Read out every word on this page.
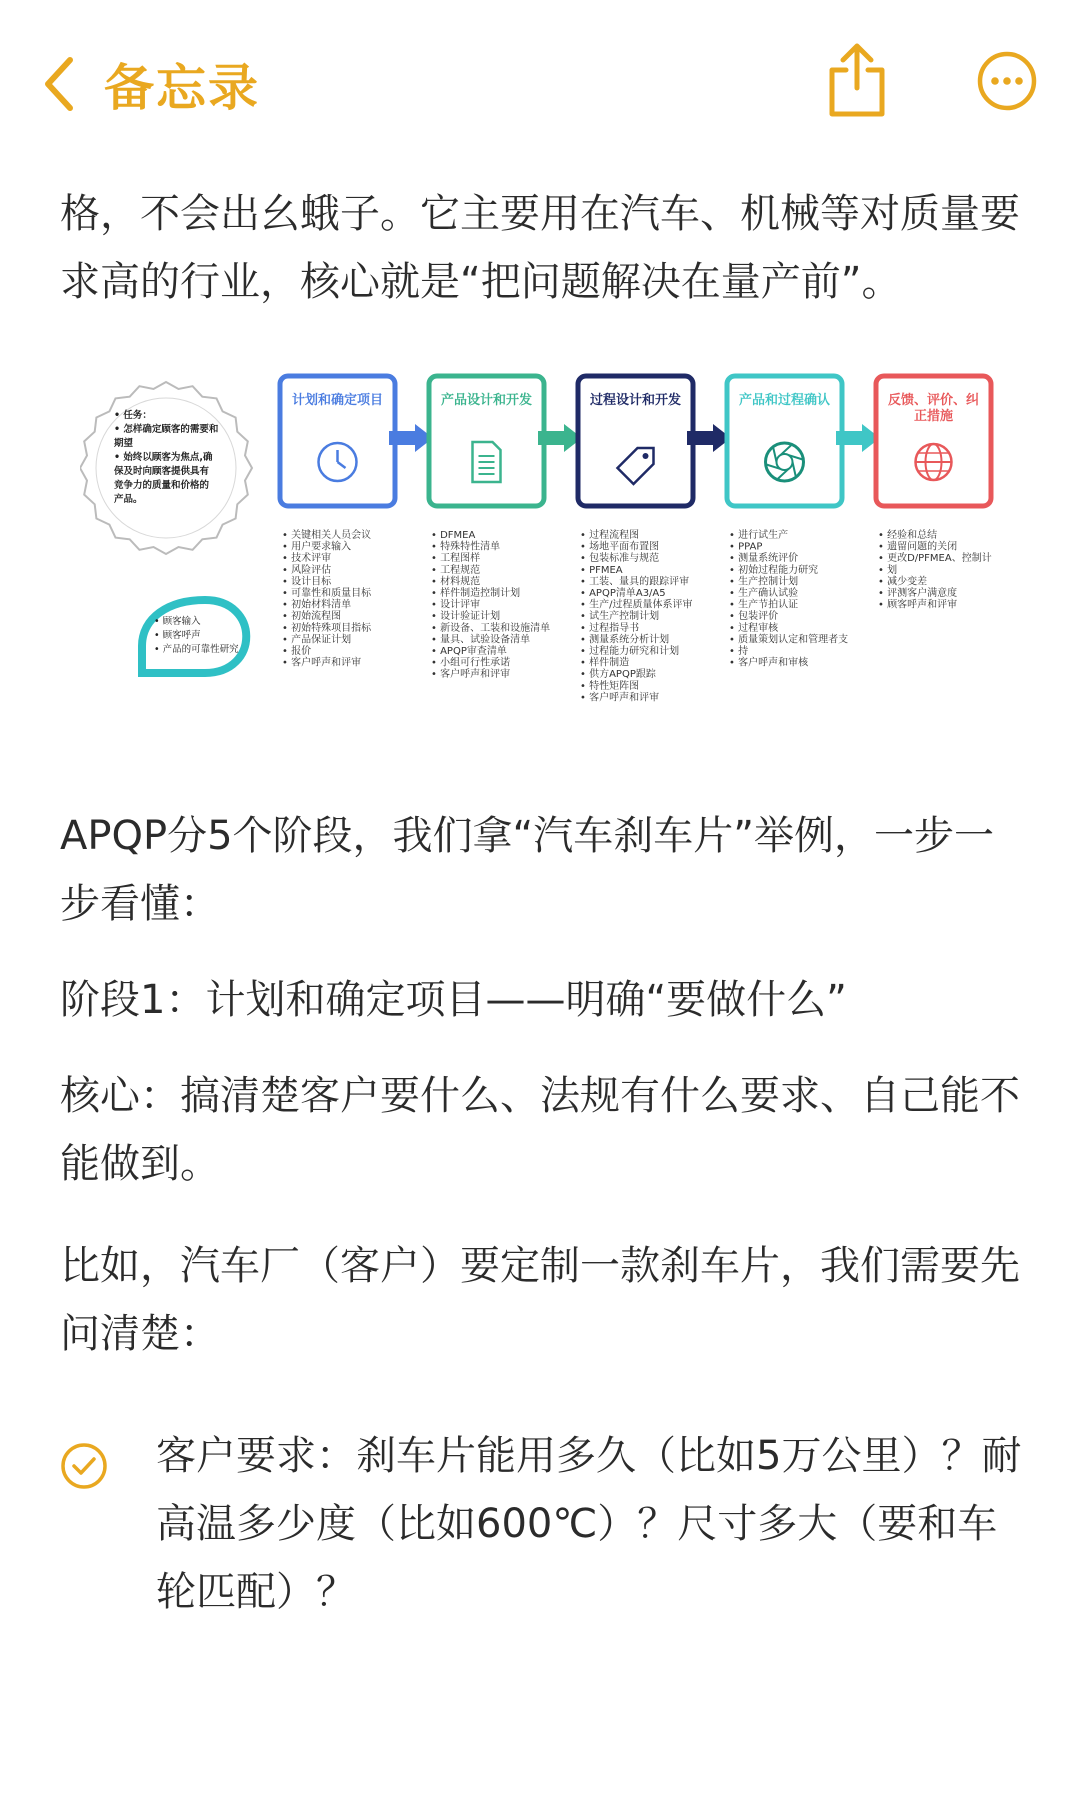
备忘录
格，不会出幺蛾子。它主要用在汽车、机械等对质量要求高的行业，核心就是“把问题解决在量产前”。
• 任务：
• 怎样确定顾客的需要和
期望
• 始终以顾客为焦点,确
保及时向顾客提供具有
竞争力的质量和价格的
产品。
• 顾客输入
• 顾客呼声
• 产品的可靠性研究
计划和确定项目
• 关键相关人员会议
• 用户要求输入
• 技术评审
• 风险评估
• 设计目标
• 可靠性和质量目标
• 初始材料清单
• 初始流程图
• 初始特殊项目指标
• 产品保证计划
• 报价
• 客户呼声和评审
产品设计和开发
• DFMEA
• 特殊特性清单
• 工程图样
• 工程规范
• 材料规范
• 样件制造控制计划
• 设计评审
• 设计验证计划
• 新设备、工装和设施清单
• 量具、试验设备清单
• APQP审查清单
• 小组可行性承诺
• 客户呼声和评审
过程设计和开发
• 过程流程图
• 场地平面布置图
• 包装标准与规范
• PFMEA
• 工装、量具的跟踪评审
• APQP清单A3/A5
• 生产/过程质量体系评审
• 试生产控制计划
• 过程指导书
• 测量系统分析计划
• 过程能力研究和计划
• 样件制造
• 供方APQP跟踪
• 特性矩阵图
• 客户呼声和评审
产品和过程确认
• 进行试生产
• PPAP
• 测量系统评价
• 初始过程能力研究
• 生产控制计划
• 生产确认试验
• 生产节拍认证
• 包装评价
• 过程审核
• 质量策划认定和管理者支
• 持
• 客户呼声和审核
反馈、评价、纠
正措施
• 经验和总结
• 遗留问题的关闭
• 更改D/PFMEA、控制计
• 划
• 减少变差
• 评测客户满意度
• 顾客呼声和评审
APQP分5个阶段，我们拿“汽车刹车片”举例，一步一步看懂：
阶段1：计划和确定项目——明确“要做什么”
核心：搞清楚客户要什么、法规有什么要求、自己能不能做到。
比如，汽车厂（客户）要定制一款刹车片，我们需要先问清楚：
客户要求：刹车片能用多久（比如5万公里）？耐高温多少度（比如600℃）？尺寸多大（要和车轮匹配）？
